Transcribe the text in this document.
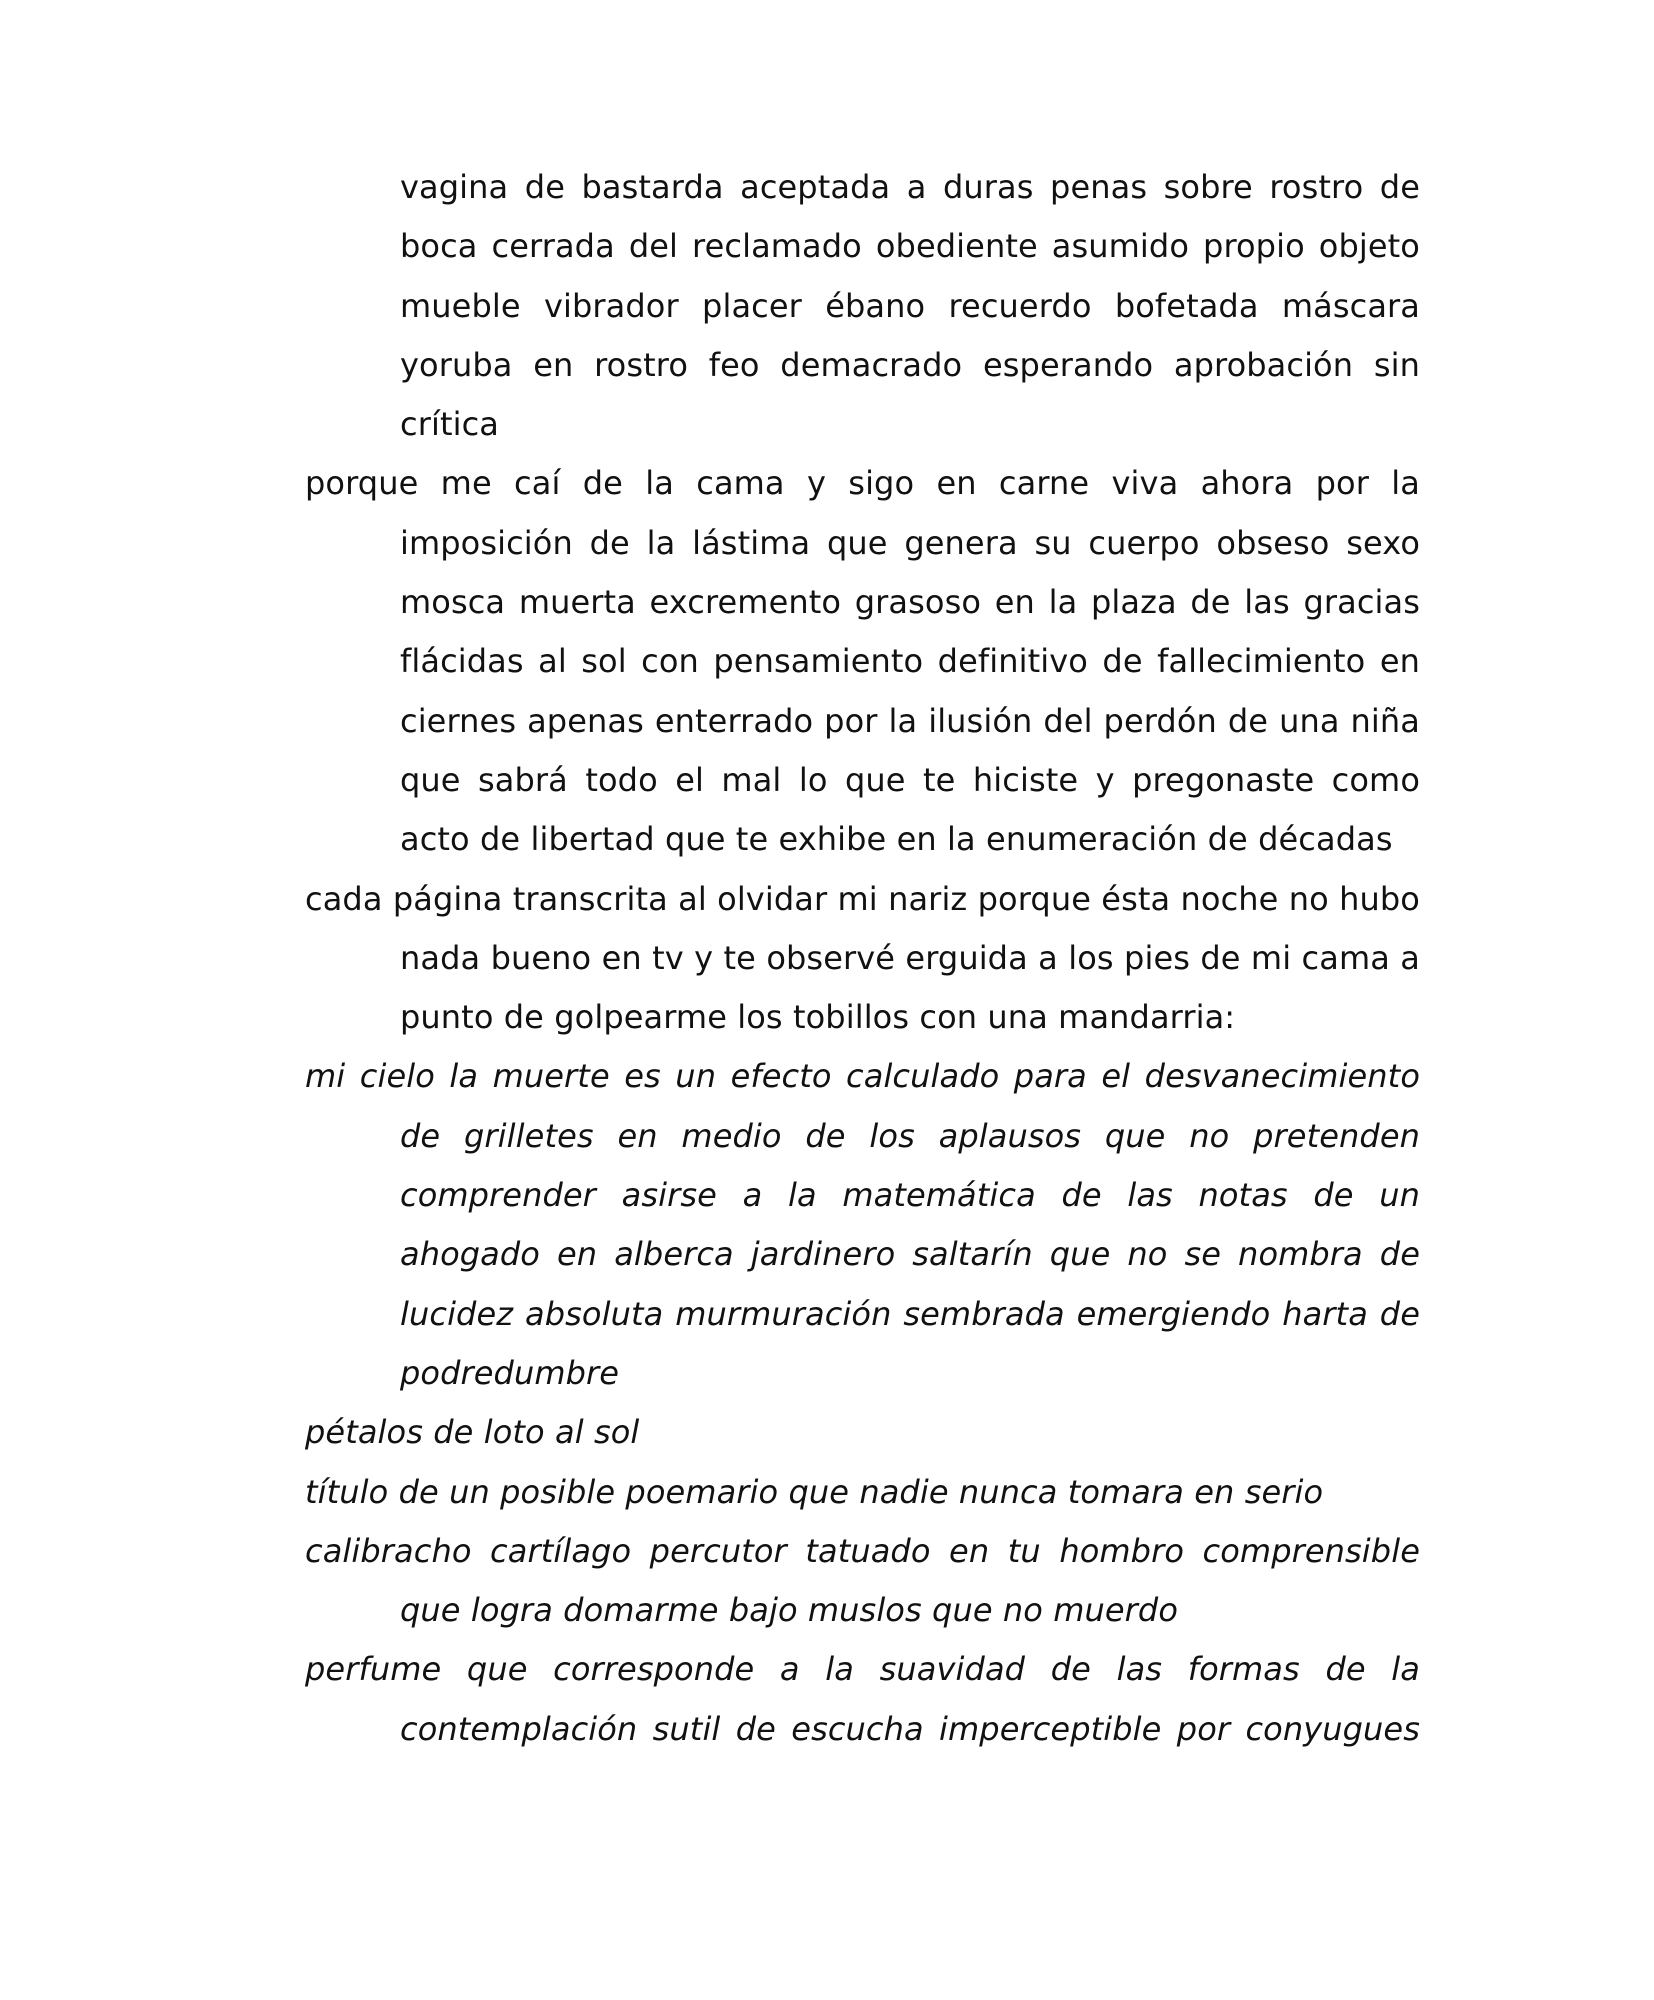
vagina de bastarda aceptada a duras penas sobre rostro de boca cerrada del reclamado obediente asumido propio objeto mueble vibrador placer ébano recuerdo bofetada máscara yoruba en rostro feo demacrado esperando aprobación sin crítica

porque me caí de la cama y sigo en carne viva ahora por la imposición de la lástima que genera su cuerpo obseso sexo mosca muerta excremento grasoso en la plaza de las gracias flácidas al sol con pensamiento definitivo de fallecimiento en ciernes apenas enterrado por la ilusión del perdón de una niña que sabrá todo el mal lo que te hiciste y pregonaste como acto de libertad que te exhibe en la enumeración de décadas

cada página transcrita al olvidar mi nariz porque ésta noche no hubo nada bueno en tv y te observé erguida a los pies de mi cama a punto de golpearme los tobillos con una mandarria:

mi cielo la muerte es un efecto calculado para el desvanecimiento de grilletes en medio de los aplausos que no pretenden comprender asirse a la matemática de las notas de un ahogado en alberca jardinero saltarín que no se nombra de lucidez absoluta murmuración sembrada emergiendo harta de podredumbre

pétalos de loto al sol

título de un posible poemario que nadie nunca tomara en serio

calibracho cartílago percutor tatuado en tu hombro comprensible que logra domarme bajo muslos que no muerdo

perfume que corresponde a la suavidad de las formas de la contemplación sutil de escucha imperceptible por conyugues
